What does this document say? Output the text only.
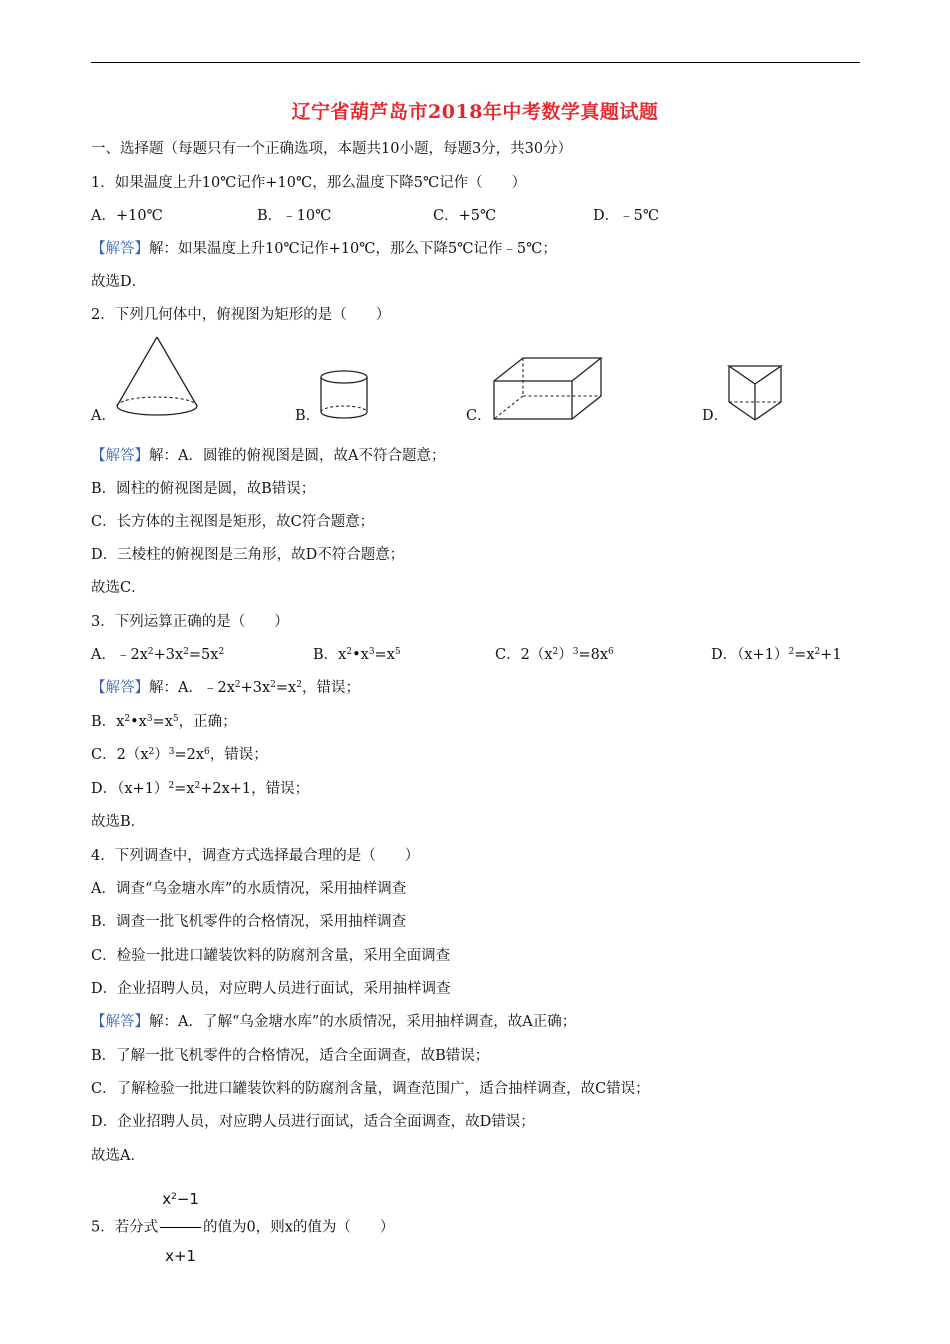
辽宁省葫芦岛市2018年中考数学真题试题
一、选择题（每题只有一个正确选项，本题共10小题，每题3分，共30分）
1．如果温度上升10℃记作+10℃，那么温度下降5℃记作（　　）
A．+10℃	B．﹣10℃	C．+5℃	D．﹣5℃
【解答】解：如果温度上升10℃记作+10℃，那么下降5℃记作﹣5℃；
故选D．
2．下列几何体中，俯视图为矩形的是（　　）
A．	B．	C．	D．
【解答】解：A．圆锥的俯视图是圆，故A不符合题意；
B．圆柱的俯视图是圆，故B错误；
C．长方体的主视图是矩形，故C符合题意；
D．三棱柱的俯视图是三角形，故D不符合题意；
故选C．
3．下列运算正确的是（　　）
A．$﹣2x^2+3x^2=5x^2$	B．$x^2•x^3=x^5$	C．$2(x^2)^3=8x^6$	D．$(x+1)^2=x^2+1$
【解答】解：A．$﹣2x^2+3x^2=x^2$，错误；
B．$x^2•x^3=x^5$，正确；
C．$2(x^2)^3=2x^6$，错误；
D．$(x+1)^2=x^2+2x+1$，错误；
故选B．
4．下列调查中，调查方式选择最合理的是（　　）
A．调查“乌金塘水库”的水质情况，采用抽样调查
B．调查一批飞机零件的合格情况，采用抽样调查
C．检验一批进口罐装饮料的防腐剂含量，采用全面调查
D．企业招聘人员，对应聘人员进行面试，采用抽样调查
【解答】解：A．了解“乌金塘水库”的水质情况，采用抽样调查，故A正确；
B．了解一批飞机零件的合格情况，适合全面调查，故B错误；
C．了解检验一批进口罐装饮料的防腐剂含量，调查范围广，适合抽样调查，故C错误；
D．企业招聘人员，对应聘人员进行面试，适合全面调查，故D错误；
故选A．
5．若分式 $\frac{x^2-1}{x+1}$ 的值为0，则x的值为（　　）
